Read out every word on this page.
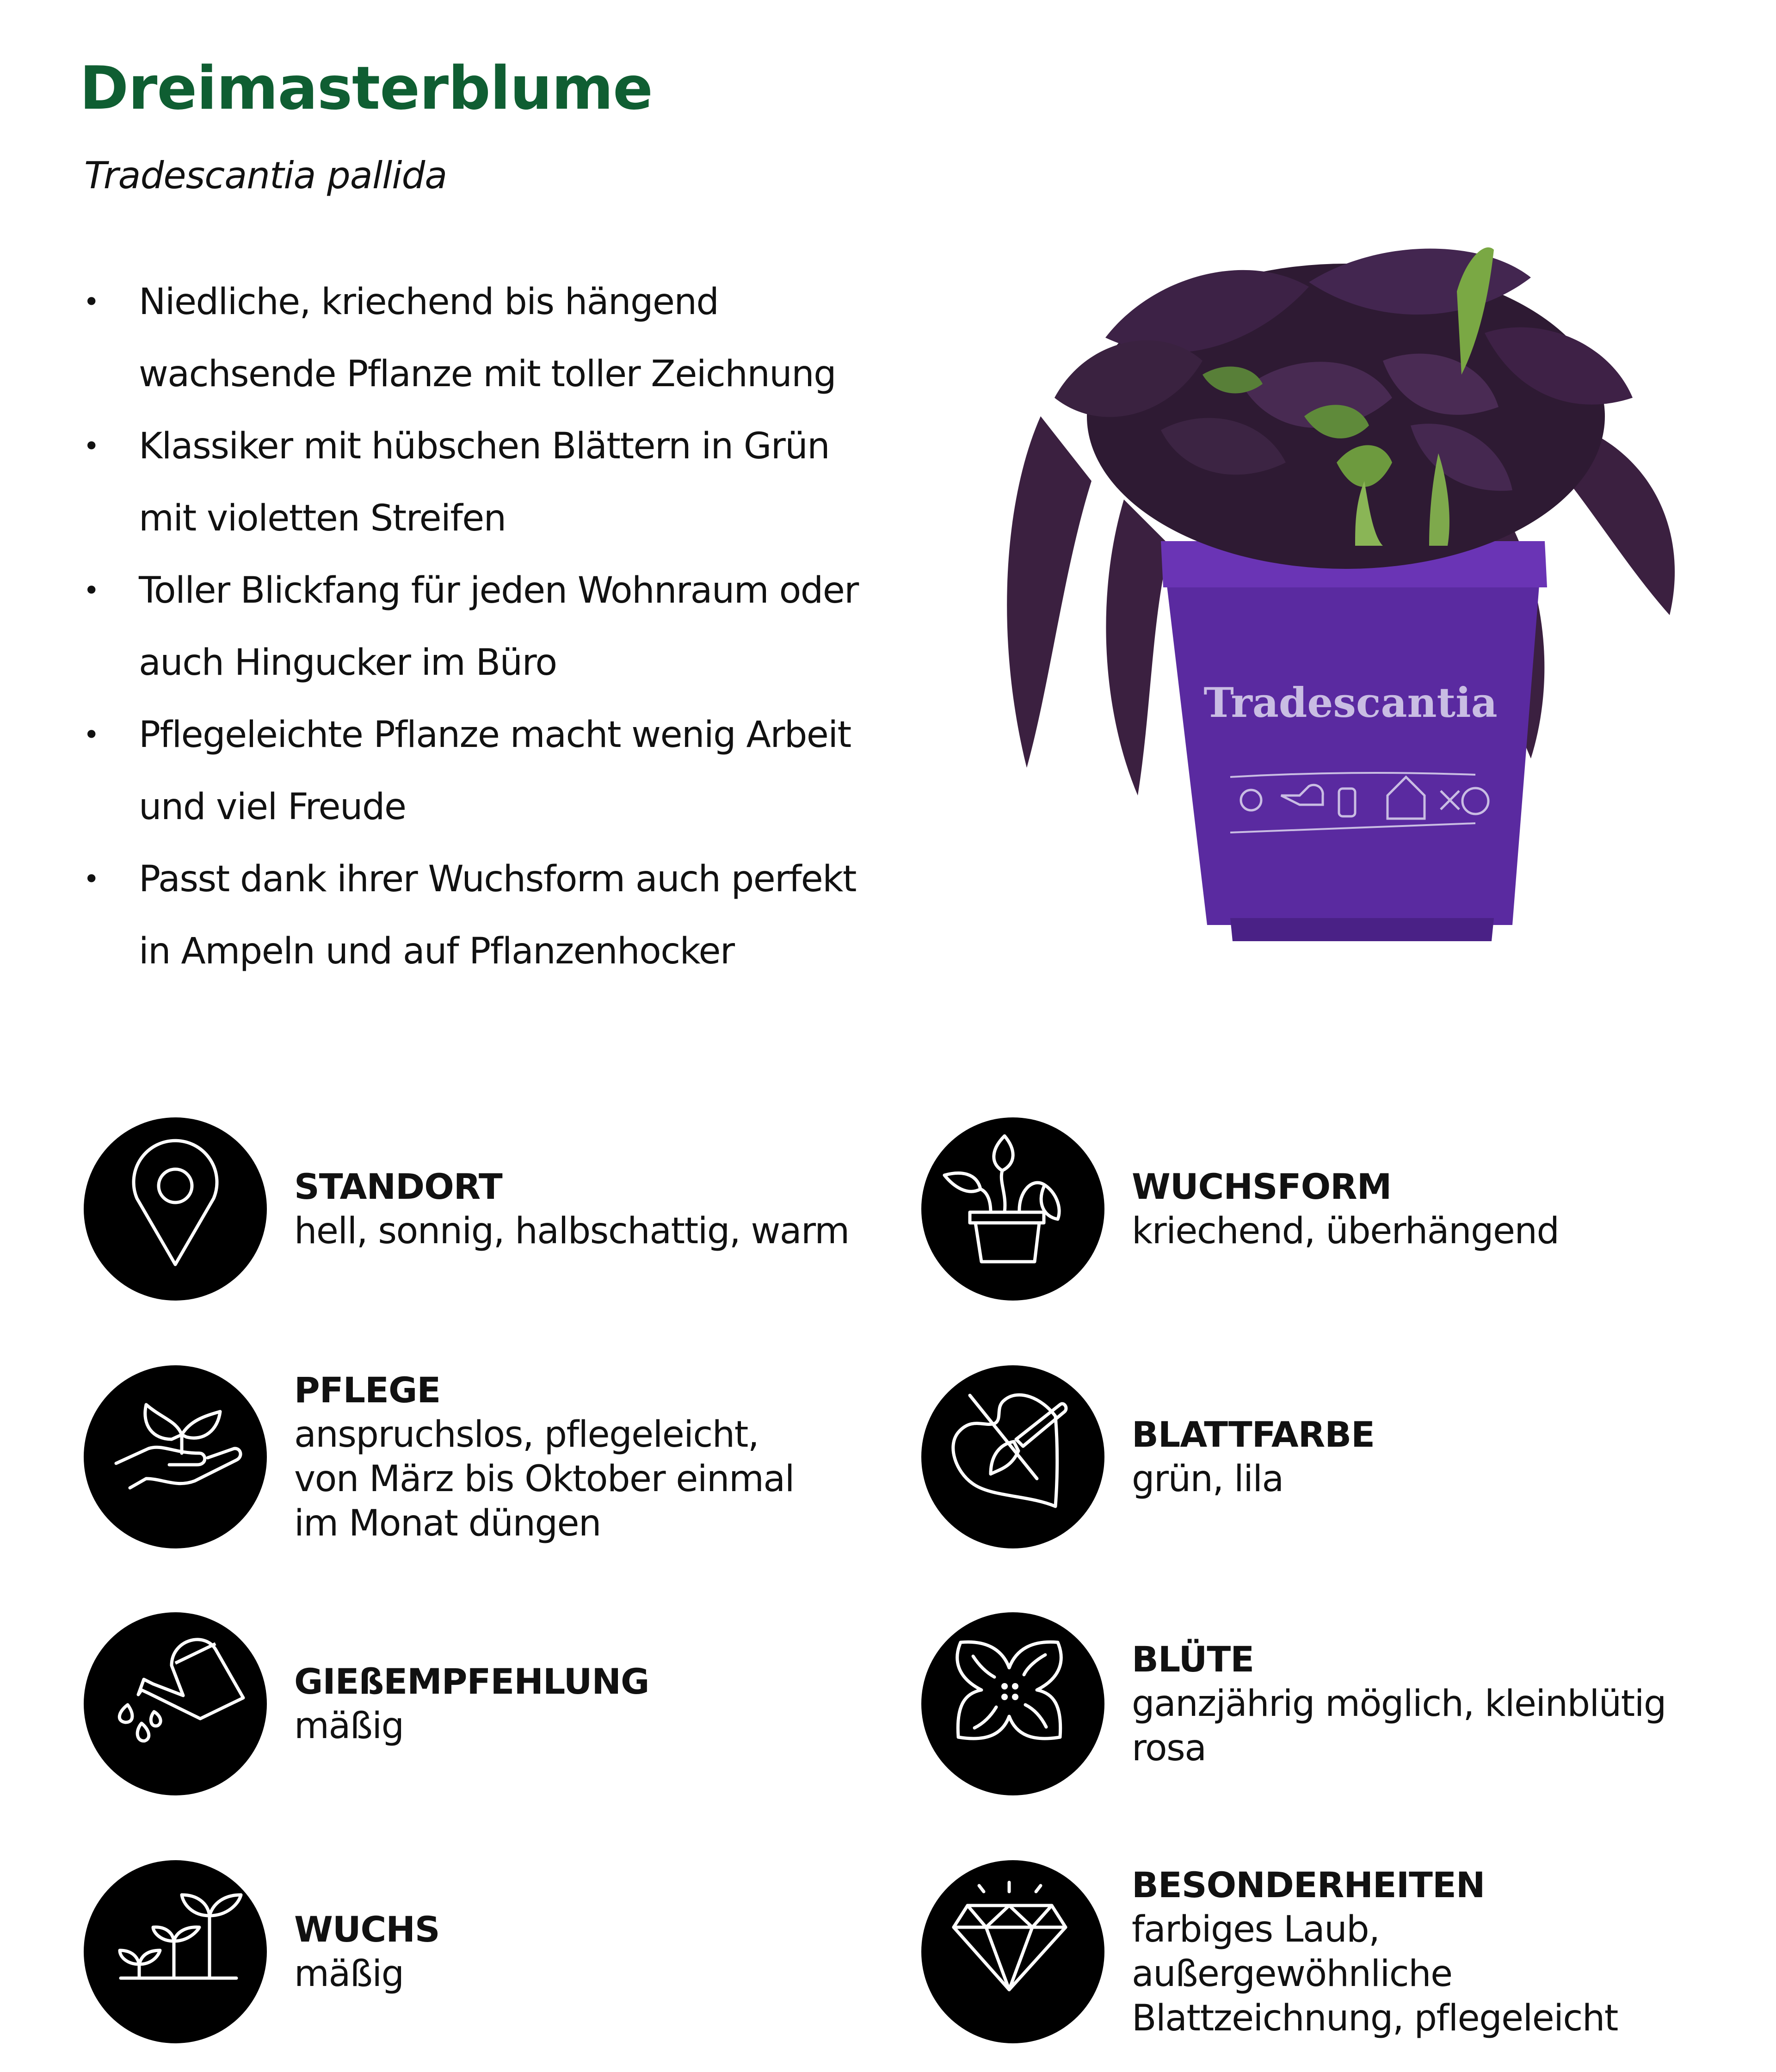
Dreimasterblume
Tradescantia pallida
• Niedliche, kriechend bis hängend
wachsende Pflanze mit toller Zeichnung
• Klassiker mit hübschen Blättern in Grün
mit violetten Streifen
• Toller Blickfang für jeden Wohnraum oder
auch Hingucker im Büro
• Pflegeleichte Pflanze macht wenig Arbeit
und viel Freude
• Passt dank ihrer Wuchsform auch perfekt
in Ampeln und auf Pflanzenhocker
Tradescantia
STANDORT
hell, sonnig, halbschattig, warm
PFLEGE
anspruchslos, pflegeleicht,
von März bis Oktober einmal
im Monat düngen
GIEßEMPFEHLUNG
mäßig
WUCHS
mäßig
WUCHSFORM
kriechend, überhängend
BLATTFARBE
grün, lila
BLÜTE
ganzjährig möglich, kleinblütig rosa
BESONDERHEITEN
farbiges Laub, außergewöhnliche
Blattzeichnung, pflegeleicht
